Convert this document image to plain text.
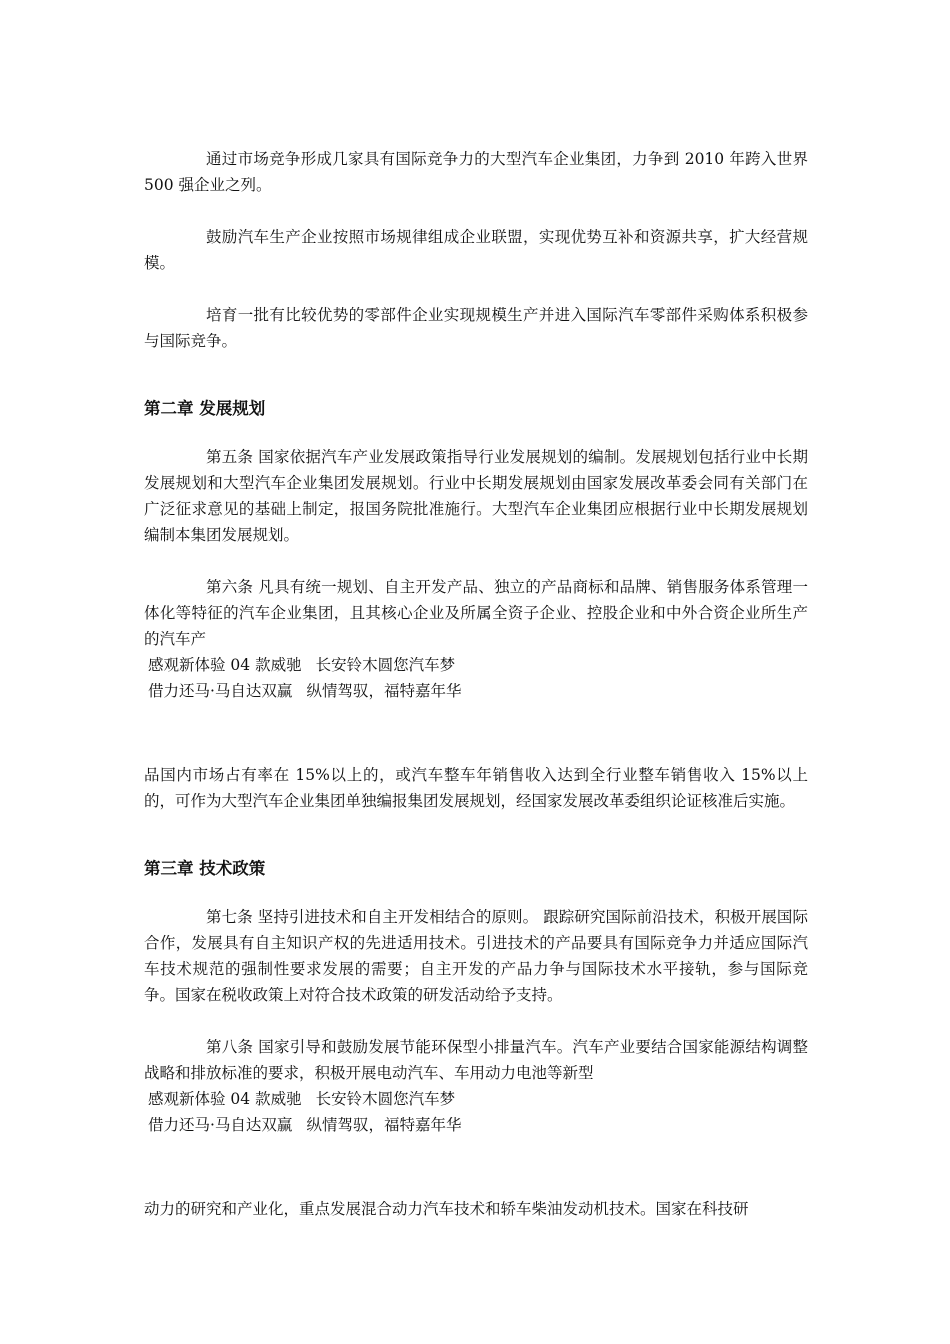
通过市场竞争形成几家具有国际竞争力的大型汽车企业集团，力争到 2010 年跨入世界 500 强企业之列。

鼓励汽车生产企业按照市场规律组成企业联盟，实现优势互补和资源共享，扩大经营规模。

培育一批有比较优势的零部件企业实现规模生产并进入国际汽车零部件采购体系积极参与国际竞争。

第二章 发展规划

第五条 国家依据汽车产业发展政策指导行业发展规划的编制。发展规划包括行业中长期发展规划和大型汽车企业集团发展规划。行业中长期发展规划由国家发展改革委会同有关部门在广泛征求意见的基础上制定，报国务院批准施行。大型汽车企业集团应根据行业中长期发展规划编制本集团发展规划。

第六条 凡具有统一规划、自主开发产品、独立的产品商标和品牌、销售服务体系管理一体化等特征的汽车企业集团，且其核心企业及所属全资子企业、控股企业和中外合资企业所生产的汽车产

感观新体验 04 款威驰 长安铃木圆您汽车梦

借力还马·马自达双赢 纵情驾驭，福特嘉年华

品国内市场占有率在 15%以上的，或汽车整车年销售收入达到全行业整车销售收入 15%以上的，可作为大型汽车企业集团单独编报集团发展规划，经国家发展改革委组织论证核准后实施。

第三章 技术政策

第七条 坚持引进技术和自主开发相结合的原则。 跟踪研究国际前沿技术，积极开展国际合作，发展具有自主知识产权的先进适用技术。引进技术的产品要具有国际竞争力并适应国际汽车技术规范的强制性要求发展的需要；自主开发的产品力争与国际技术水平接轨，参与国际竞争。国家在税收政策上对符合技术政策的研发活动给予支持。

第八条 国家引导和鼓励发展节能环保型小排量汽车。汽车产业要结合国家能源结构调整战略和排放标准的要求，积极开展电动汽车、车用动力电池等新型

感观新体验 04 款威驰 长安铃木圆您汽车梦

借力还马·马自达双赢 纵情驾驭，福特嘉年华

动力的研究和产业化，重点发展混合动力汽车技术和轿车柴油发动机技术。国家在科技研
